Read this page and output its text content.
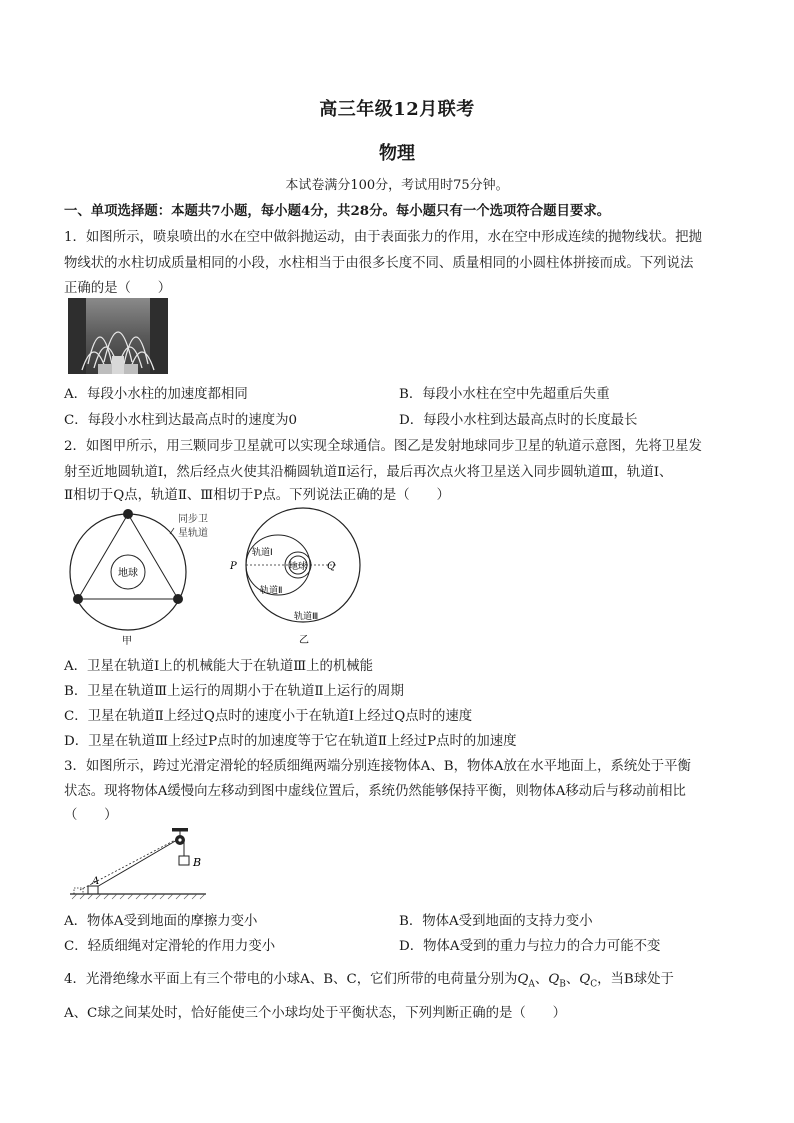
高三年级12月联考
物理
本试卷满分100分，考试用时75分钟。
一、单项选择题：本题共7小题，每小题4分，共28分。每小题只有一个选项符合题目要求。
1．如图所示，喷泉喷出的水在空中做斜抛运动，由于表面张力的作用，水在空中形成连续的抛物线状。把抛
物线状的水柱切成质量相同的小段，水柱相当于由很多长度不同、质量相同的小圆柱体拼接而成。下列说法
正确的是（　　）
A．每段小水柱的加速度都相同	B．每段小水柱在空中先超重后失重
C．每段小水柱到达最高点时的速度为0	D．每段小水柱到达最高点时的长度最长
2．如图甲所示，用三颗同步卫星就可以实现全球通信。图乙是发射地球同步卫星的轨道示意图，先将卫星发
射至近地圆轨道Ⅰ，然后经点火使其沿椭圆轨道Ⅱ运行，最后再次点火将卫星送入同步圆轨道Ⅲ，轨道Ⅰ、
Ⅱ相切于Q点，轨道Ⅱ、Ⅲ相切于P点。下列说法正确的是（　　）
地球
同步卫
星轨道
甲
地球
轨道Ⅰ
轨道Ⅱ
轨道Ⅲ
P	Q
乙
A．卫星在轨道Ⅰ上的机械能大于在轨道Ⅲ上的机械能
B．卫星在轨道Ⅲ上运行的周期小于在轨道Ⅱ上运行的周期
C．卫星在轨道Ⅱ上经过Q点时的速度小于在轨道Ⅰ上经过Q点时的速度
D．卫星在轨道Ⅲ上经过P点时的加速度等于它在轨道Ⅱ上经过P点时的加速度
3．如图所示，跨过光滑定滑轮的轻质细绳两端分别连接物体A、B，物体A放在水平地面上，系统处于平衡
状态。现将物体A缓慢向左移动到图中虚线位置后，系统仍然能够保持平衡，则物体A移动后与移动前相比
（　　）
B
A
A．物体A受到地面的摩擦力变小	B．物体A受到地面的支持力变小
C．轻质细绳对定滑轮的作用力变小	D．物体A受到的重力与拉力的合力可能不变
4．光滑绝缘水平面上有三个带电的小球A、B、C，它们所带的电荷量分别为$Q_A$、$Q_B$、$Q_C$，当B球处于
A、C球之间某处时，恰好能使三个小球均处于平衡状态，下列判断正确的是（　　）
